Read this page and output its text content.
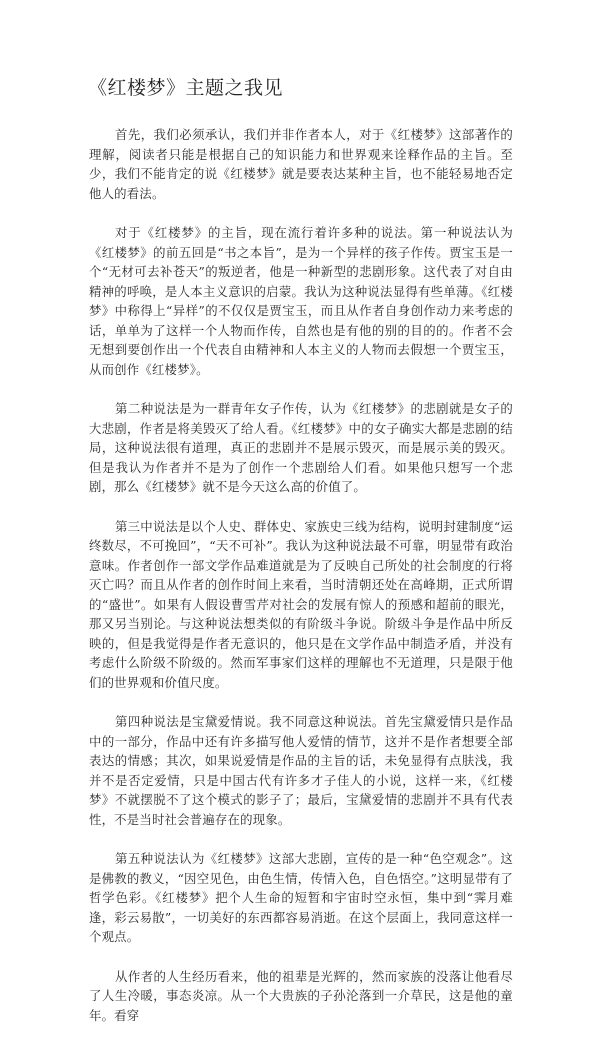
《红楼梦》主题之我见

首先，我们必须承认，我们并非作者本人，对于《红楼梦》这部著作的理解，阅读者只能是根据自己的知识能力和世界观来诠释作品的主旨。至少，我们不能肯定的说《红楼梦》就是要表达某种主旨，也不能轻易地否定他人的看法。

对于《红楼梦》的主旨，现在流行着许多种的说法。第一种说法认为《红楼梦》的前五回是“书之本旨”，是为一个异样的孩子作传。贾宝玉是一个“无材可去补苍天”的叛逆者，他是一种新型的悲剧形象。这代表了对自由精神的呼唤，是人本主义意识的启蒙。我认为这种说法显得有些单薄。《红楼梦》中称得上“异样”的不仅仅是贾宝玉，而且从作者自身创作动力来考虑的话，单单为了这样一个人物而作传，自然也是有他的别的目的的。作者不会无想到要创作出一个代表自由精神和人本主义的人物而去假想一个贾宝玉，从而创作《红楼梦》。

第二种说法是为一群青年女子作传，认为《红楼梦》的悲剧就是女子的大悲剧，作者是将美毁灭了给人看。《红楼梦》中的女子确实大都是悲剧的结局，这种说法很有道理，真正的悲剧并不是展示毁灭，而是展示美的毁灭。但是我认为作者并不是为了创作一个悲剧给人们看。如果他只想写一个悲剧，那么《红楼梦》就不是今天这么高的价值了。

第三中说法是以个人史、群体史、家族史三线为结构，说明封建制度“运终数尽，不可挽回”，“天不可补”。我认为这种说法最不可靠，明显带有政治意味。作者创作一部文学作品难道就是为了反映自己所处的社会制度的行将灭亡吗？而且从作者的创作时间上来看，当时清朝还处在高峰期，正式所谓的“盛世”。如果有人假设曹雪芹对社会的发展有惊人的预感和超前的眼光，那又另当别论。与这种说法想类似的有阶级斗争说。阶级斗争是作品中所反映的，但是我觉得是作者无意识的，他只是在文学作品中制造矛盾，并没有考虑什么阶级不阶级的。然而军事家们这样的理解也不无道理，只是限于他们的世界观和价值尺度。

第四种说法是宝黛爱情说。我不同意这种说法。首先宝黛爱情只是作品中的一部分，作品中还有许多描写他人爱情的情节，这并不是作者想要全部表达的情感；其次，如果说爱情是作品的主旨的话，未免显得有点肤浅，我并不是否定爱情，只是中国古代有许多才子佳人的小说，这样一来，《红楼梦》不就摆脱不了这个模式的影子了；最后，宝黛爱情的悲剧并不具有代表性，不是当时社会普遍存在的现象。

第五种说法认为《红楼梦》这部大悲剧，宣传的是一种“色空观念”。这是佛教的教义，“因空见色，由色生情，传情入色，自色悟空。”这明显带有了哲学色彩。《红楼梦》把个人生命的短暂和宇宙时空永恒，集中到“霁月难逢，彩云易散”，一切美好的东西都容易消逝。在这个层面上，我同意这样一个观点。

从作者的人生经历看来，他的祖辈是光辉的，然而家族的没落让他看尽了人生冷暖，事态炎凉。从一个大贵族的子孙沦落到一介草民，这是他的童年。看穿
